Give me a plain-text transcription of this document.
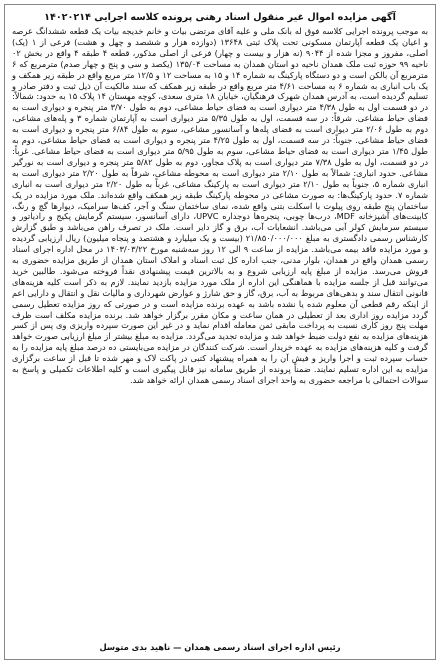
آگهی مزایده اموال غیر منقول اسناد رهنی پرونده کلاسه اجرایی ۱۴۰۲۰۲۱۴

به موجب پرونده اجرایی کلاسه فوق له بانک ملی و علیه آقای مرتضی بیات و خانم خدیجه بیات یک قطعه ششدانگ عرصه و اعیان یک قطعه آپارتمان مسکونی تحت پلاک ثبتی ۱۳۶۴۸ (دوازده هزار و ششصد و چهل و هشت) فرعی از ۱ (یک) اصلی، مفروز و مجزا شده از ۹۰۴۴ (نه هزار و بیست و چهار) فرعی از اصلی مذکور، قطعه ۴ طبقه ۴ واقع در بخش ۰۲ ناحیه ۹۹ حوزه ثبت ملک همدان ناحیه دو استان همدان به مساحت ۱۳۵/۰۴ (یکصد و سی و پنج و چهار صدم) مترمربع که ۶ مترمربع آن بالکن است و دو دستگاه پارکینگ به شماره ۱۴ و ۱۵ به مساحت ۱۲ و ۱۲/۵ متر مربع واقع در طبقه زیر همکف و یک باب انباری به شماره ۶ به مساحت ۴/۶۱ متر مربع واقع در طبقه زیر همکف که سند مالکیت آن ذیل ثبت و دفتر صادر و تسلیم گردیده است، به آدرس همدان شهرک فرهنگیان، خیابان ۱۸ متری سعدی، کوچه مهستان ۱۴ پلاک ۱۵ به حدود: شمالاً: در دو قسمت اول به طول ۴/۳۸ متر دیواری است به فضای حیاط مشاعی، دوم به طول ۳/۷۰ متر پنجره و دیواری است به فضای حیاط مشاعی. شرقاً: در سه قسمت، اول به طول ۵/۳۵ متر دیواری است به آپارتمان شماره ۳ و پله‌های مشاعی، دوم به طول ۲/۰۶ متر دیواری است به فضای پله‌ها و آسانسور مشاعی، سوم به طول ۶/۸۴ متر پنجره و دیواری است به فضای حیاط مشاعی. جنوباً: در سه قسمت، اول به طول ۴/۲۵ متر پنجره و دیواری است به فضای حیاط مشاعی، دوم به طول ۱/۴۵ متر دیواری است به فضای حیاط مشاعی، سوم به طول ۵/۹۵ متر دیواری است به فضای حیاط مشاعی. غرباً: در دو قسمت، اول به طول ۷/۳۸ متر دیواری است به پلاک مجاور، دوم به طول ۵/۸۲ متر پنجره و دیواری است به نورگیر مشاعی. حدود انباری: شمالاً به طول ۲/۱۰ متر دیواری است به محوطه مشاعی، شرقاً به طول ۲/۲۰ متر دیواری است به انباری شماره ۵، جنوباً به طول ۲/۱۰ متر دیواری است به پارکینگ مشاعی، غرباً به طول ۲/۲۰ متر دیواری است به انباری شماره ۷. حدود پارکینگ‌ها: به صورت مشاعی در محوطه پارکینگ طبقه زیر همکف واقع شده‌اند. ملک مورد مزایده در یک ساختمان پنج طبقه روی پیلوت با اسکلت بتنی واقع شده، نمای ساختمان سنگ و آجر، کف‌ها سرامیک، دیوارها گچ و رنگ، کابینت‌های آشپزخانه MDF، درب‌ها چوبی، پنجره‌ها دوجداره UPVC، دارای آسانسور، سیستم گرمایش پکیج و رادیاتور و سیستم سرمایش کولر آبی می‌باشد. انشعابات آب، برق و گاز دایر است. ملک در تصرف راهن می‌باشد و طبق گزارش کارشناس رسمی دادگستری به مبلغ ۲۱/۸۵۰/۰۰۰/۰۰۰ (بیست و یک میلیارد و هشتصد و پنجاه میلیون) ریال ارزیابی گردیده و مورد مزایده فاقد بیمه می‌باشد. مزایده از ساعت ۹ الی ۱۲ روز سه‌شنبه مورخ ۱۴۰۳/۰۳/۲۲ در محل اداره اجرای اسناد رسمی همدان واقع در همدان، بلوار مدنی، جنب اداره کل ثبت اسناد و املاک استان همدان از طریق مزایده حضوری به فروش می‌رسد. مزایده از مبلغ پایه ارزیابی شروع و به بالاترین قیمت پیشنهادی نقداً فروخته می‌شود. طالبین خرید می‌توانند قبل از جلسه مزایده با هماهنگی این اداره از ملک مورد مزایده بازدید نمایند. لازم به ذکر است کلیه هزینه‌های قانونی انتقال سند و بدهی‌های مربوط به آب، برق، گاز و حق شارژ و عوارض شهرداری و مالیات نقل و انتقال و دارایی اعم از اینکه رقم قطعی آن معلوم شده یا نشده باشد به عهده برنده مزایده است و در صورتی که روز مزایده تعطیل رسمی گردد مزایده روز اداری بعد از تعطیلی در همان ساعت و مکان مقرر برگزار خواهد شد. برنده مزایده مکلف است ظرف مهلت پنج روز کاری نسبت به پرداخت مابقی ثمن معامله اقدام نماید و در غیر این صورت سپرده واریزی وی پس از کسر هزینه‌های مزایده به نفع دولت ضبط خواهد شد و مزایده تجدید می‌گردد. مزایده به مبلغ بیشتر از مبلغ ارزیابی صورت خواهد گرفت و کلیه هزینه‌های مزایده به عهده خریدار است. شرکت کنندگان در مزایده می‌بایستی ده درصد مبلغ پایه مزایده را به حساب سپرده ثبت و اجرا واریز و فیش آن را به همراه پیشنهاد کتبی در پاکت لاک و مهر شده تا قبل از ساعت برگزاری مزایده به این اداره تسلیم نمایند. ضمناً پرونده از طریق سامانه نیز قابل پیگیری است و کلیه اطلاعات تکمیلی و پاسخ به سوالات احتمالی با مراجعه حضوری به واحد اجرای اسناد رسمی همدان ارائه خواهد شد.

رئیس اداره اجرای اسناد رسمی همدان — ناهید بدی متوسل
